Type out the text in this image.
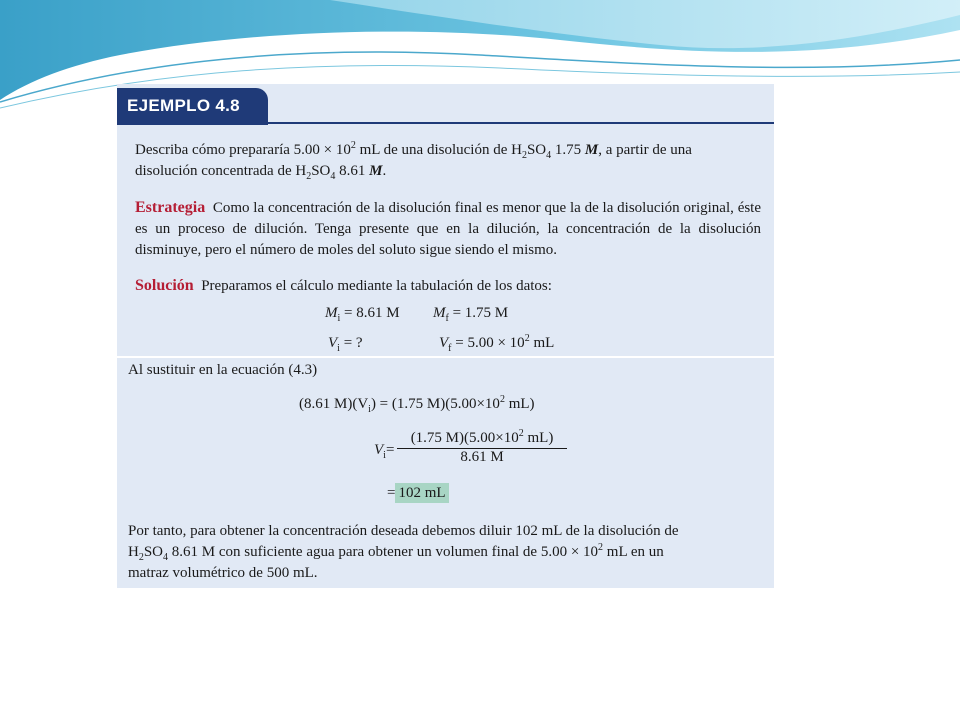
EJEMPLO 4.8
Describa cómo prepararía $5.00 \times 10^2$ mL de una disolución de $H_2SO_4$ 1.75 M, a partir de una
disolución concentrada de $H_2SO_4$ 8.61 M.
Estrategia Como la concentración de la disolución final es menor que la de la disolución original, éste es un proceso de dilución. Tenga presente que en la dilución, la concentración de la disolución disminuye, pero el número de moles del soluto sigue siendo el mismo.
Solución Preparamos el cálculo mediante la tabulación de los datos:
$M_i = 8.61$ M $M_f = 1.75$ M
$V_i$ = ?	$V_f = 5.00 \times 10^2$ mL
Al sustituir en la ecuación (4.3)
(8.61 $M)(V_i) = (1.75$ $M)(5.00\times 10^2$ mL)
$V_i= \frac{(1.75 M)(5.00\times 10^2 mL)}{8.61 M}$
= 102 mL
Por tanto, para obtener la concentración deseada debemos diluir 102 mL de la disolución de
$H_2SO_4$ 8.61 M con suficiente agua para obtener un volumen final de $5.00 \times 10^2$ mL en un
matraz volumétrico de 500 mL.
